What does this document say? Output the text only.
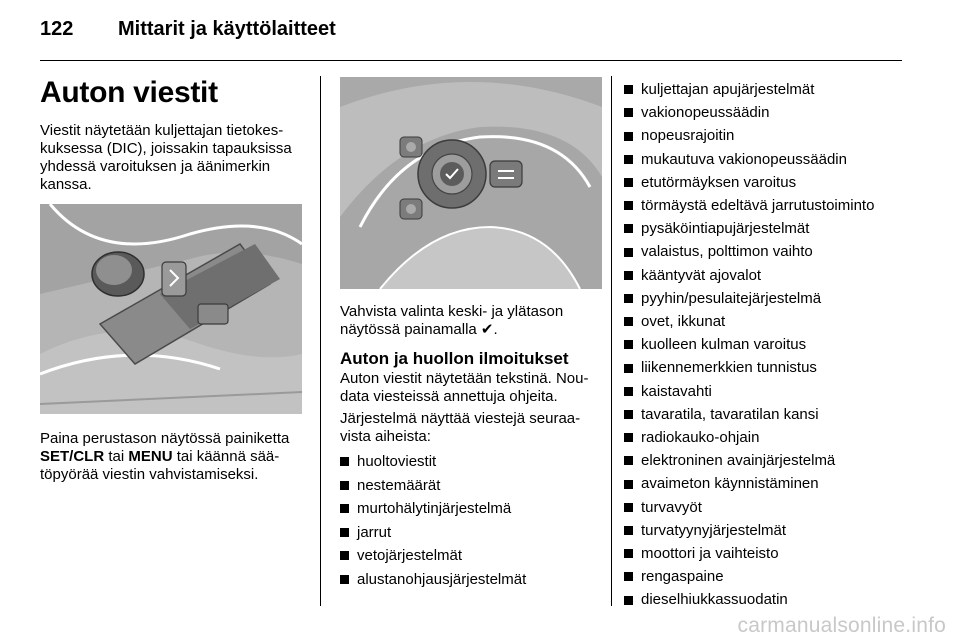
122	Mittarit ja käyttölaitteet
Auton viestit

Viestit näytetään kuljettajan tietokeskuksessa (DIC), joissakin tapauksissa yhdessä varoituksen ja äänimerkin kanssa.

Paina perustason näytössä painiketta SET/CLR tai MENU tai käännä säätöpyörää viestin vahvistamiseksi.

Vahvista valinta keski- ja ylätason näytössä painamalla ✔.

Auton ja huollon ilmoitukset

Auton viestit näytetään tekstinä. Noudata viesteissä annettuja ohjeita.

Järjestelmä näyttää viestejä seuraavista aiheista:

huoltoviestit
nestemäärät
murtohälytinjärjestelmä
jarrut
vetojärjestelmät
alustanohjausjärjestelmät
kuljettajan apujärjestelmät
vakionopeussäädin
nopeusrajoitin
mukautuva vakionopeussäädin
etutörmäyksen varoitus
törmäystä edeltävä jarrutustoiminto
pysäköintiapujärjestelmät
valaistus, polttimon vaihto
kääntyvät ajovalot
pyyhin/pesulaitejärjestelmä
ovet, ikkunat
kuolleen kulman varoitus
liikennemerkkien tunnistus
kaistavahti
tavaratila, tavaratilan kansi
radiokauko-ohjain
elektroninen avainjärjestelmä
avaimeton käynnistäminen
turvavyöt
turvatyynyjärjestelmät
moottori ja vaihteisto
rengaspaine
dieselhiukkassuodatin
carmanualsonline.info
